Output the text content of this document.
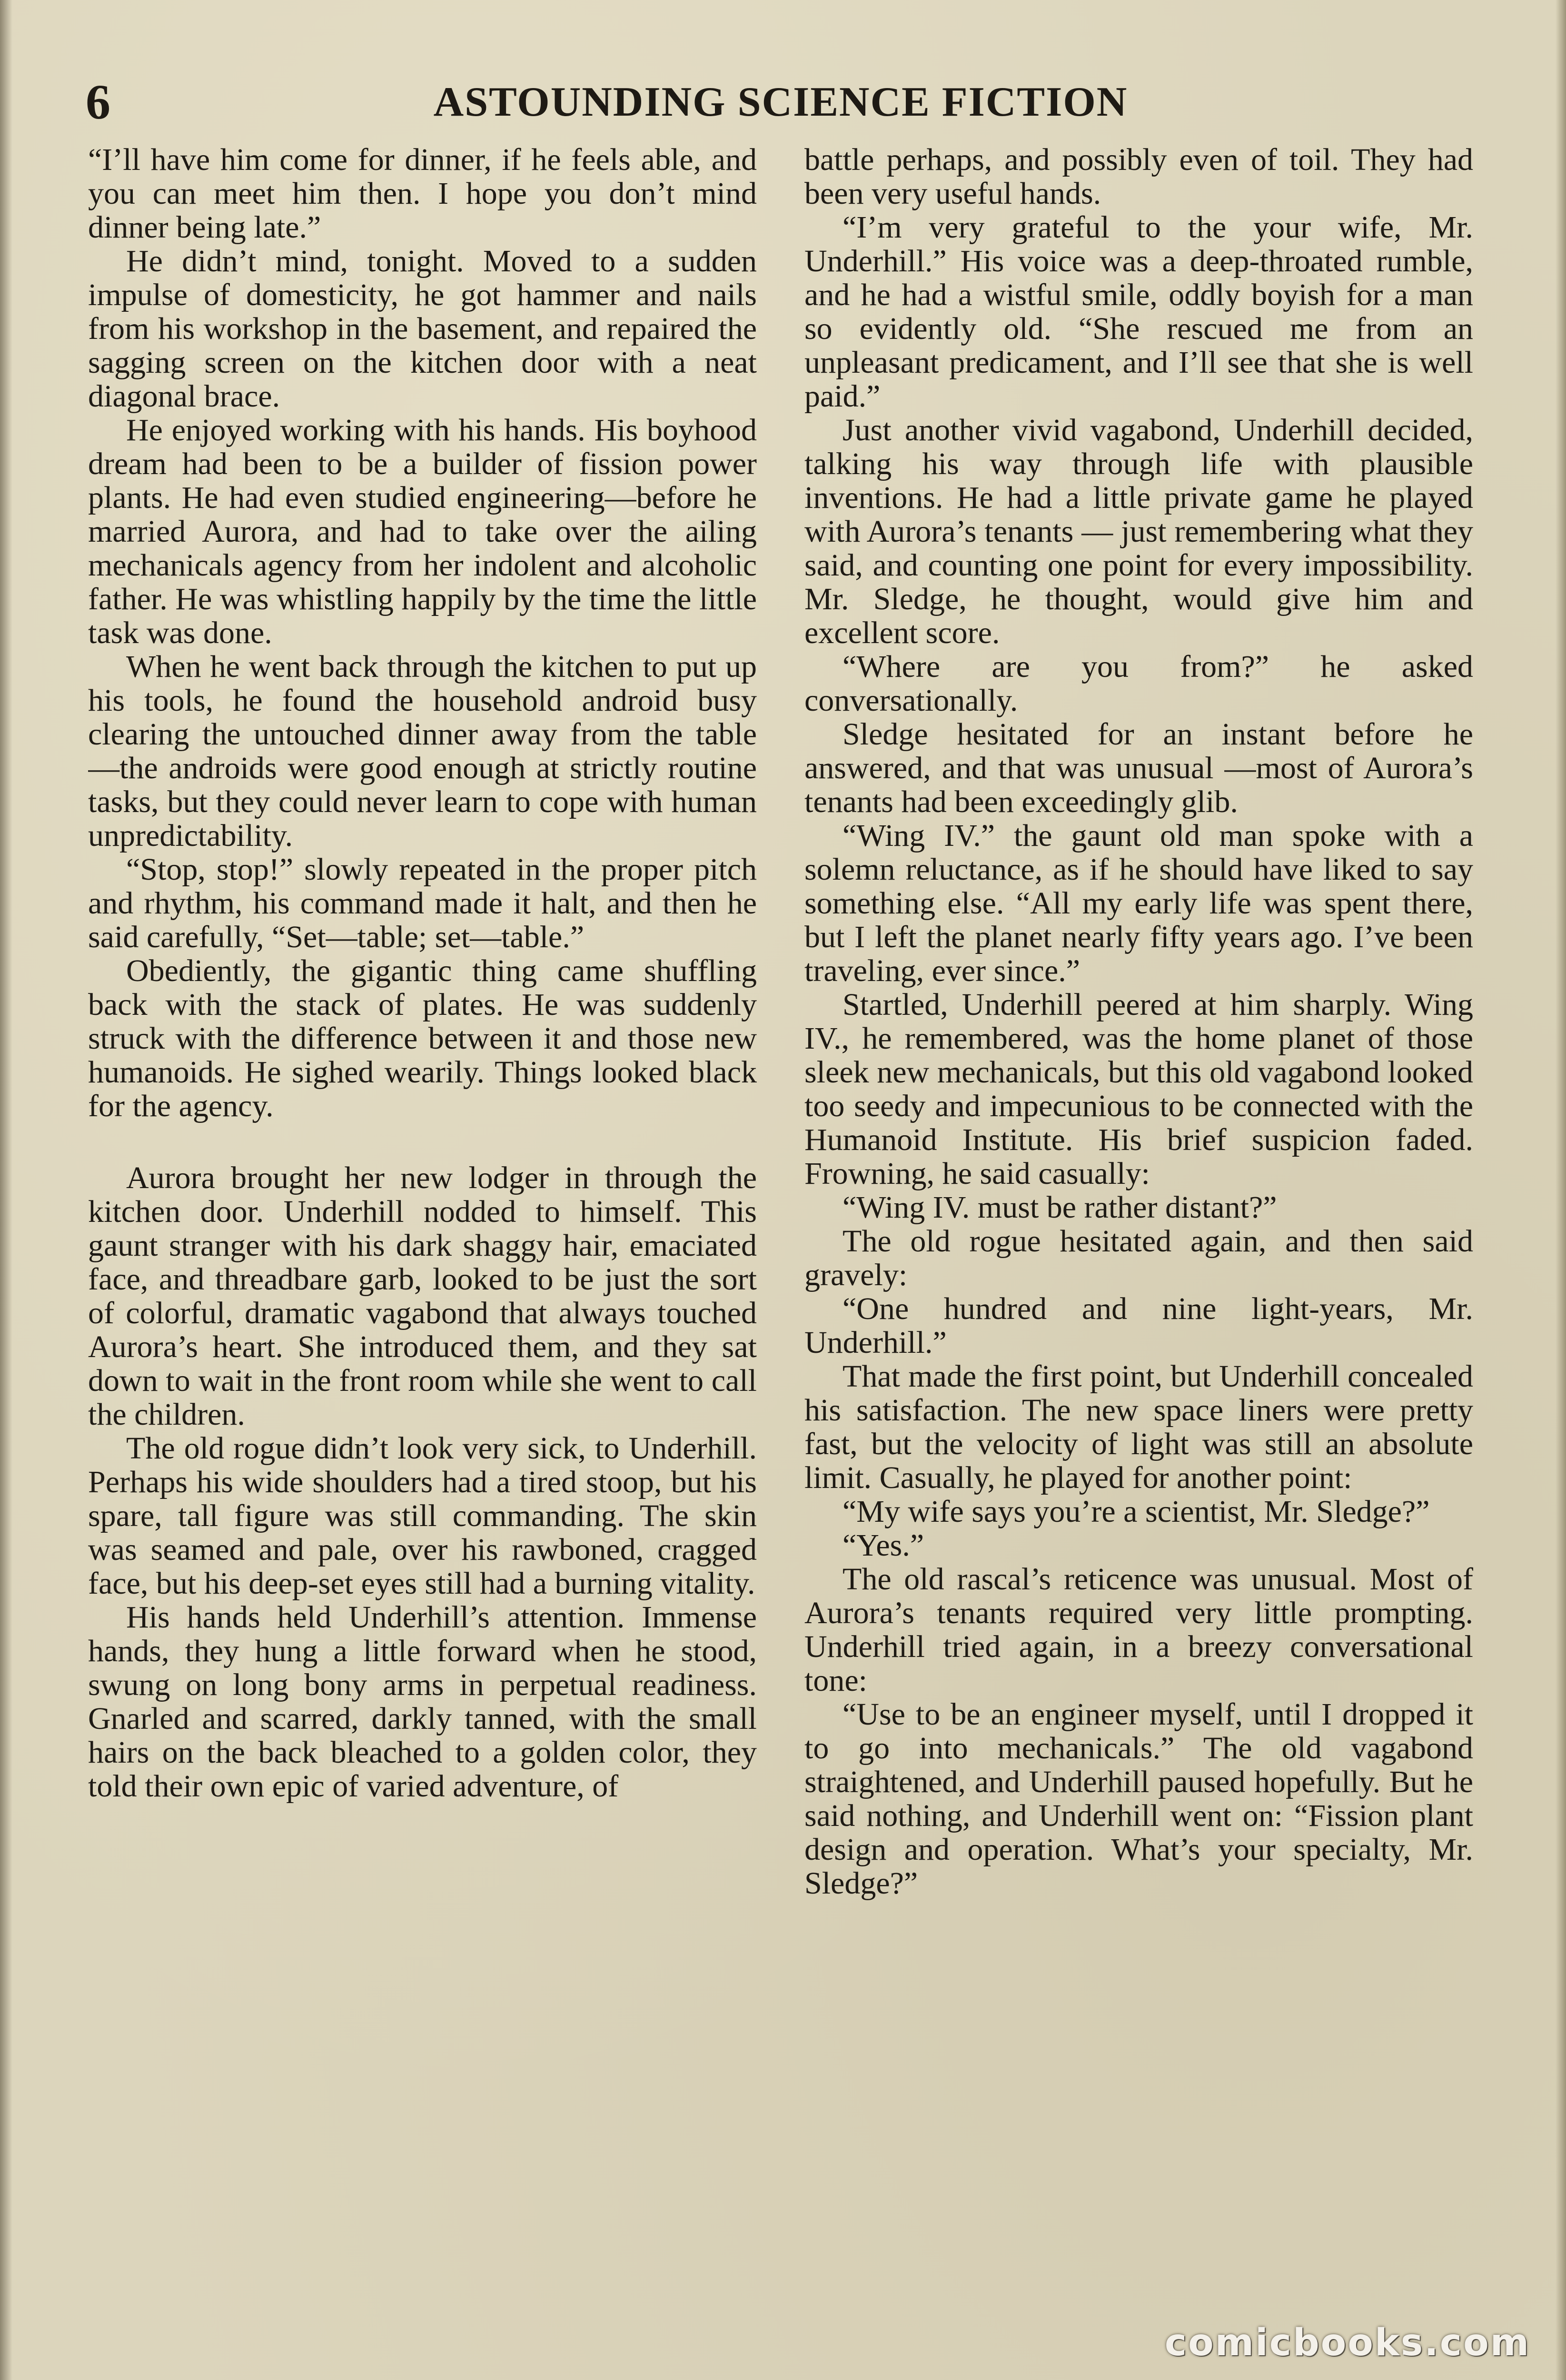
6	ASTOUNDING SCIENCE FICTION

“I’ll have him come for dinner, if he feels able, and you can meet him then. I hope you don’t mind dinner being late.”

He didn’t mind, tonight. Moved to a sudden impulse of domesticity, he got hammer and nails from his workshop in the basement, and repaired the sagging screen on the kitchen door with a neat diagonal brace.

He enjoyed working with his hands. His boyhood dream had been to be a builder of fission power plants. He had even studied engineering—before he married Aurora, and had to take over the ailing mechanicals agency from her indolent and alcoholic father. He was whistling happily by the time the little task was done.

When he went back through the kitchen to put up his tools, he found the household android busy clearing the untouched dinner away from the table —the androids were good enough at strictly routine tasks, but they could never learn to cope with human unpredictability.

“Stop, stop!” slowly repeated in the proper pitch and rhythm, his command made it halt, and then he said carefully, “Set—table; set—table.”

Obediently, the gigantic thing came shuffling back with the stack of plates. He was suddenly struck with the difference between it and those new humanoids. He sighed wearily. Things looked black for the agency.

Aurora brought her new lodger in through the kitchen door. Underhill nodded to himself. This gaunt stranger with his dark shaggy hair, emaciated face, and threadbare garb, looked to be just the sort of colorful, dramatic vagabond that always touched Aurora’s heart. She introduced them, and they sat down to wait in the front room while she went to call the children.

The old rogue didn’t look very sick, to Underhill. Perhaps his wide shoulders had a tired stoop, but his spare, tall figure was still commanding. The skin was seamed and pale, over his rawboned, cragged face, but his deep-set eyes still had a burning vitality.

His hands held Underhill’s attention. Immense hands, they hung a little forward when he stood, swung on long bony arms in perpetual readiness. Gnarled and scarred, darkly tanned, with the small hairs on the back bleached to a golden color, they told their own epic of varied adventure, of

battle perhaps, and possibly even of toil. They had been very useful hands.

“I’m very grateful to the your wife, Mr. Underhill.” His voice was a deep-throated rumble, and he had a wistful smile, oddly boyish for a man so evidently old. “She rescued me from an unpleasant predicament, and I’ll see that she is well paid.”

Just another vivid vagabond, Underhill decided, talking his way through life with plausible inventions. He had a little private game he played with Aurora’s tenants — just remembering what they said, and counting one point for every impossibility. Mr. Sledge, he thought, would give him and excellent score.

“Where are you from?” he asked conversationally.

Sledge hesitated for an instant before he answered, and that was unusual —most of Aurora’s tenants had been exceedingly glib.

“Wing IV.” the gaunt old man spoke with a solemn reluctance, as if he should have liked to say something else. “All my early life was spent there, but I left the planet nearly fifty years ago. I’ve been traveling, ever since.”

Startled, Underhill peered at him sharply. Wing IV., he remembered, was the home planet of those sleek new mechanicals, but this old vagabond looked too seedy and impecunious to be connected with the Humanoid Institute. His brief suspicion faded. Frowning, he said casually:

“Wing IV. must be rather distant?”

The old rogue hesitated again, and then said gravely:

“One hundred and nine light-years, Mr. Underhill.”

That made the first point, but Underhill concealed his satisfaction. The new space liners were pretty fast, but the velocity of light was still an absolute limit. Casually, he played for another point:

“My wife says you’re a scientist, Mr. Sledge?”

“Yes.”

The old rascal’s reticence was unusual. Most of Aurora’s tenants required very little prompting. Underhill tried again, in a breezy conversational tone:

“Use to be an engineer myself, until I dropped it to go into mechanicals.” The old vagabond straightened, and Underhill paused hopefully. But he said nothing, and Underhill went on: “Fission plant design and operation. What’s your specialty, Mr. Sledge?”

comicbooks.com
